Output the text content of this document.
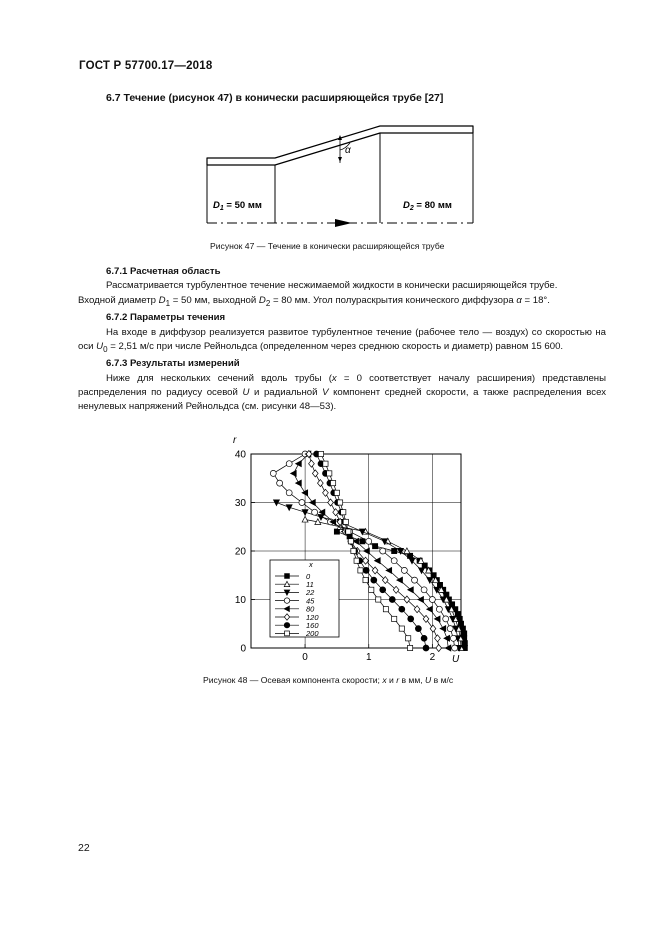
ГОСТ Р 57700.17—2018
6.7 Течение (рисунок 47) в конически расширяющейся трубе [27]
α
$D_1 = 50$ мм	$D_2 = 80$ мм
Рисунок 47 — Течение в конически расширяющейся трубе

6.7.1 Расчетная область

Рассматривается турбулентное течение несжимаемой жидкости в конически расширяющейся трубе.

Входной диаметр $D_1 = 50$ мм, выходной $D_2 = 80$ мм. Угол полураскрытия конического диффузора α = 18°.

6.7.2 Параметры течения

На входе в диффузор реализуется развитое турбулентное течение (рабочее тело — воздух) со скоростью на оси $U_0 = 2,51$ м/с при числе Рейнольдса (определенном через среднюю скорость и диаметр) равном 15 600.

6.7.3 Результаты измерений

Ниже для нескольких сечений вдоль трубы (x = 0 соответствует началу расширения) представлены распределения по радиусу осевой U и радиальной V компонент средней скорости, а также распределения всех ненулевых напряжений Рейнольдса (см. рисунки 48—53).

r
U
0	1	2
0
10
20
30
40
x
0
11
22
45
80
120
160
200
Рисунок 48 — Осевая компонента скорости; x и r в мм, U в м/с
22
